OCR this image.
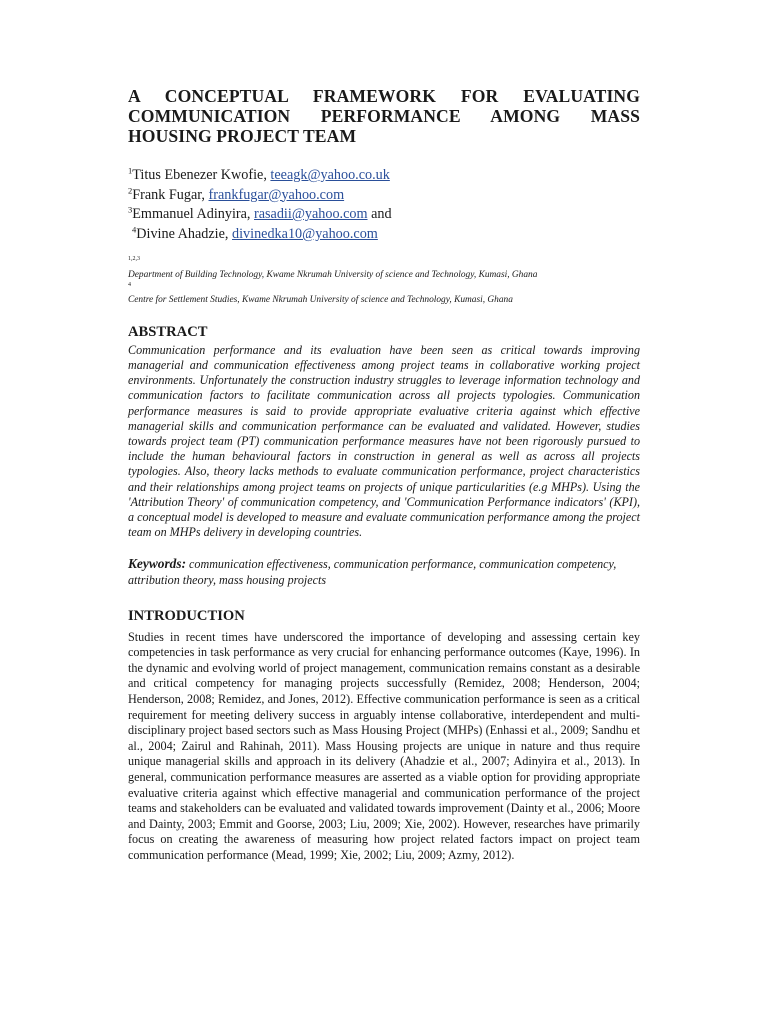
A CONCEPTUAL FRAMEWORK FOR EVALUATING
COMMUNICATION PERFORMANCE AMONG MASS
HOUSING PROJECT TEAM
$^1$Titus Ebenezer Kwofie, teeagk@yahoo.co.uk
$^2$Frank Fugar, frankfugar@yahoo.com
$^3$Emmanuel Adinyira, rasadii@yahoo.com and
$^4$Divine Ahadzie, divinedka10@yahoo.com
$^{1,2,3}$
Department of Building Technology, Kwame Nkrumah University of science and Technology, Kumasi, Ghana
$^4$
Centre for Settlement Studies, Kwame Nkrumah University of science and Technology, Kumasi, Ghana
ABSTRACT

Communication performance and its evaluation have been seen as critical towards improving managerial and communication effectiveness among project teams in collaborative working project environments. Unfortunately the construction industry struggles to leverage information technology and communication factors to facilitate communication across all projects typologies. Communication performance measures is said to provide appropriate evaluative criteria against which effective managerial skills and communication performance can be evaluated and validated. However, studies towards project team (PT) communication performance measures have not been rigorously pursued to include the human behavioural factors in construction in general as well as across all projects typologies. Also, theory lacks methods to evaluate communication performance, project characteristics and their relationships among project teams on projects of unique particularities (e.g MHPs). Using the 'Attribution Theory' of communication competency, and 'Communication Performance indicators' (KPI), a conceptual model is developed to measure and evaluate communication performance among the project team on MHPs delivery in developing countries.

Keywords: communication effectiveness, communication performance, communication competency, attribution theory, mass housing projects

INTRODUCTION

Studies in recent times have underscored the importance of developing and assessing certain key competencies in task performance as very crucial for enhancing performance outcomes (Kaye, 1996). In the dynamic and evolving world of project management, communication remains constant as a desirable and critical competency for managing projects successfully (Remidez, 2008; Henderson, 2004; Henderson, 2008; Remidez, and Jones, 2012). Effective communication performance is seen as a critical requirement for meeting delivery success in arguably intense collaborative, interdependent and multi-disciplinary project based sectors such as Mass Housing Project (MHPs) (Enhassi et al., 2009; Sandhu et al., 2004; Zairul and Rahinah, 2011). Mass Housing projects are unique in nature and thus require unique managerial skills and approach in its delivery (Ahadzie et al., 2007; Adinyira et al., 2013). In general, communication performance measures are asserted as a viable option for providing appropriate evaluative criteria against which effective managerial and communication performance of the project teams and stakeholders can be evaluated and validated towards improvement (Dainty et al., 2006; Moore and Dainty, 2003; Emmit and Goorse, 2003; Liu, 2009; Xie, 2002). However, researches have primarily focus on creating the awareness of measuring how project related factors impact on project team communication performance (Mead, 1999; Xie, 2002; Liu, 2009; Azmy, 2012).
